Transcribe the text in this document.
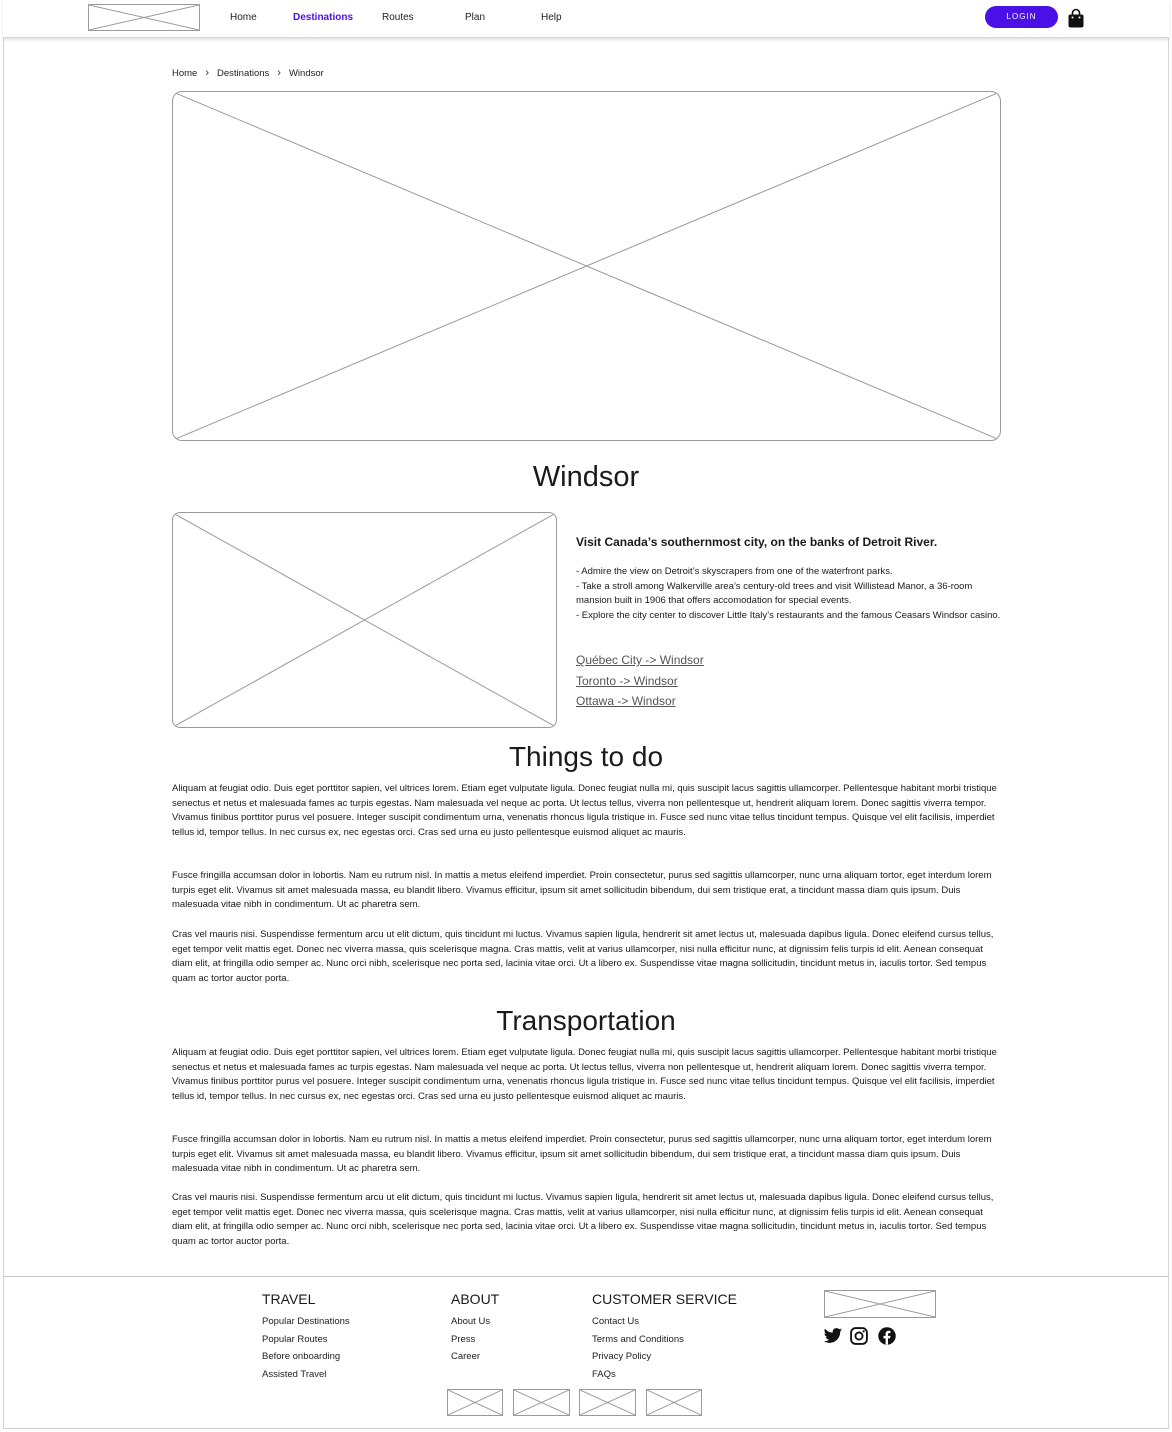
Home	Destinations	Routes	Plan	Help	LOGIN
Home › Destinations › Windsor
Windsor
Visit Canada’s southernmost city, on the banks of Detroit River.
- Admire the view on Detroit’s skyscrapers from one of the waterfront parks.
- Take a stroll among Walkerville area’s century-old trees and visit Willistead Manor, a 36-room mansion built in 1906 that offers accomodation for special events.
- Explore the city center to discover Little Italy’s restaurants and the famous Ceasars Windsor casino.
Québec City -> Windsor
Toronto -> Windsor
Ottawa -> Windsor
Things to do

Aliquam at feugiat odio. Duis eget porttitor sapien, vel ultrices lorem. Etiam eget vulputate ligula. Donec feugiat nulla mi, quis suscipit lacus sagittis ullamcorper. Pellentesque habitant morbi tristique senectus et netus et malesuada fames ac turpis egestas. Nam malesuada vel neque ac porta. Ut lectus tellus, viverra non pellentesque ut, hendrerit aliquam lorem. Donec sagittis viverra tempor. Vivamus finibus porttitor purus vel posuere. Integer suscipit condimentum urna, venenatis rhoncus ligula tristique in. Fusce sed nunc vitae tellus tincidunt tempus. Quisque vel elit facilisis, imperdiet tellus id, tempor tellus. In nec cursus ex, nec egestas orci. Cras sed urna eu justo pellentesque euismod aliquet ac mauris.

Fusce fringilla accumsan dolor in lobortis. Nam eu rutrum nisl. In mattis a metus eleifend imperdiet. Proin consectetur, purus sed sagittis ullamcorper, nunc urna aliquam tortor, eget interdum lorem turpis eget elit. Vivamus sit amet malesuada massa, eu blandit libero. Vivamus efficitur, ipsum sit amet sollicitudin bibendum, dui sem tristique erat, a tincidunt massa diam quis ipsum. Duis malesuada vitae nibh in condimentum. Ut ac pharetra sem.

Cras vel mauris nisi. Suspendisse fermentum arcu ut elit dictum, quis tincidunt mi luctus. Vivamus sapien ligula, hendrerit sit amet lectus ut, malesuada dapibus ligula. Donec eleifend cursus tellus, eget tempor velit mattis eget. Donec nec viverra massa, quis scelerisque magna. Cras mattis, velit at varius ullamcorper, nisi nulla efficitur nunc, at dignissim felis turpis id elit. Aenean consequat diam elit, at fringilla odio semper ac. Nunc orci nibh, scelerisque nec porta sed, lacinia vitae orci. Ut a libero ex. Suspendisse vitae magna sollicitudin, tincidunt metus in, iaculis tortor. Sed tempus quam ac tortor auctor porta.

Transportation

Aliquam at feugiat odio. Duis eget porttitor sapien, vel ultrices lorem. Etiam eget vulputate ligula. Donec feugiat nulla mi, quis suscipit lacus sagittis ullamcorper. Pellentesque habitant morbi tristique senectus et netus et malesuada fames ac turpis egestas. Nam malesuada vel neque ac porta. Ut lectus tellus, viverra non pellentesque ut, hendrerit aliquam lorem. Donec sagittis viverra tempor. Vivamus finibus porttitor purus vel posuere. Integer suscipit condimentum urna, venenatis rhoncus ligula tristique in. Fusce sed nunc vitae tellus tincidunt tempus. Quisque vel elit facilisis, imperdiet tellus id, tempor tellus. In nec cursus ex, nec egestas orci. Cras sed urna eu justo pellentesque euismod aliquet ac mauris.

Fusce fringilla accumsan dolor in lobortis. Nam eu rutrum nisl. In mattis a metus eleifend imperdiet. Proin consectetur, purus sed sagittis ullamcorper, nunc urna aliquam tortor, eget interdum lorem turpis eget elit. Vivamus sit amet malesuada massa, eu blandit libero. Vivamus efficitur, ipsum sit amet sollicitudin bibendum, dui sem tristique erat, a tincidunt massa diam quis ipsum. Duis malesuada vitae nibh in condimentum. Ut ac pharetra sem.

Cras vel mauris nisi. Suspendisse fermentum arcu ut elit dictum, quis tincidunt mi luctus. Vivamus sapien ligula, hendrerit sit amet lectus ut, malesuada dapibus ligula. Donec eleifend cursus tellus, eget tempor velit mattis eget. Donec nec viverra massa, quis scelerisque magna. Cras mattis, velit at varius ullamcorper, nisi nulla efficitur nunc, at dignissim felis turpis id elit. Aenean consequat diam elit, at fringilla odio semper ac. Nunc orci nibh, scelerisque nec porta sed, lacinia vitae orci. Ut a libero ex. Suspendisse vitae magna sollicitudin, tincidunt metus in, iaculis tortor. Sed tempus quam ac tortor auctor porta.

TRAVEL
Popular Destinations
Popular Routes
Before onboarding
Assisted Travel
ABOUT
About Us
Press
Career
CUSTOMER SERVICE
Contact Us
Terms and Conditions
Privacy Policy
FAQs
